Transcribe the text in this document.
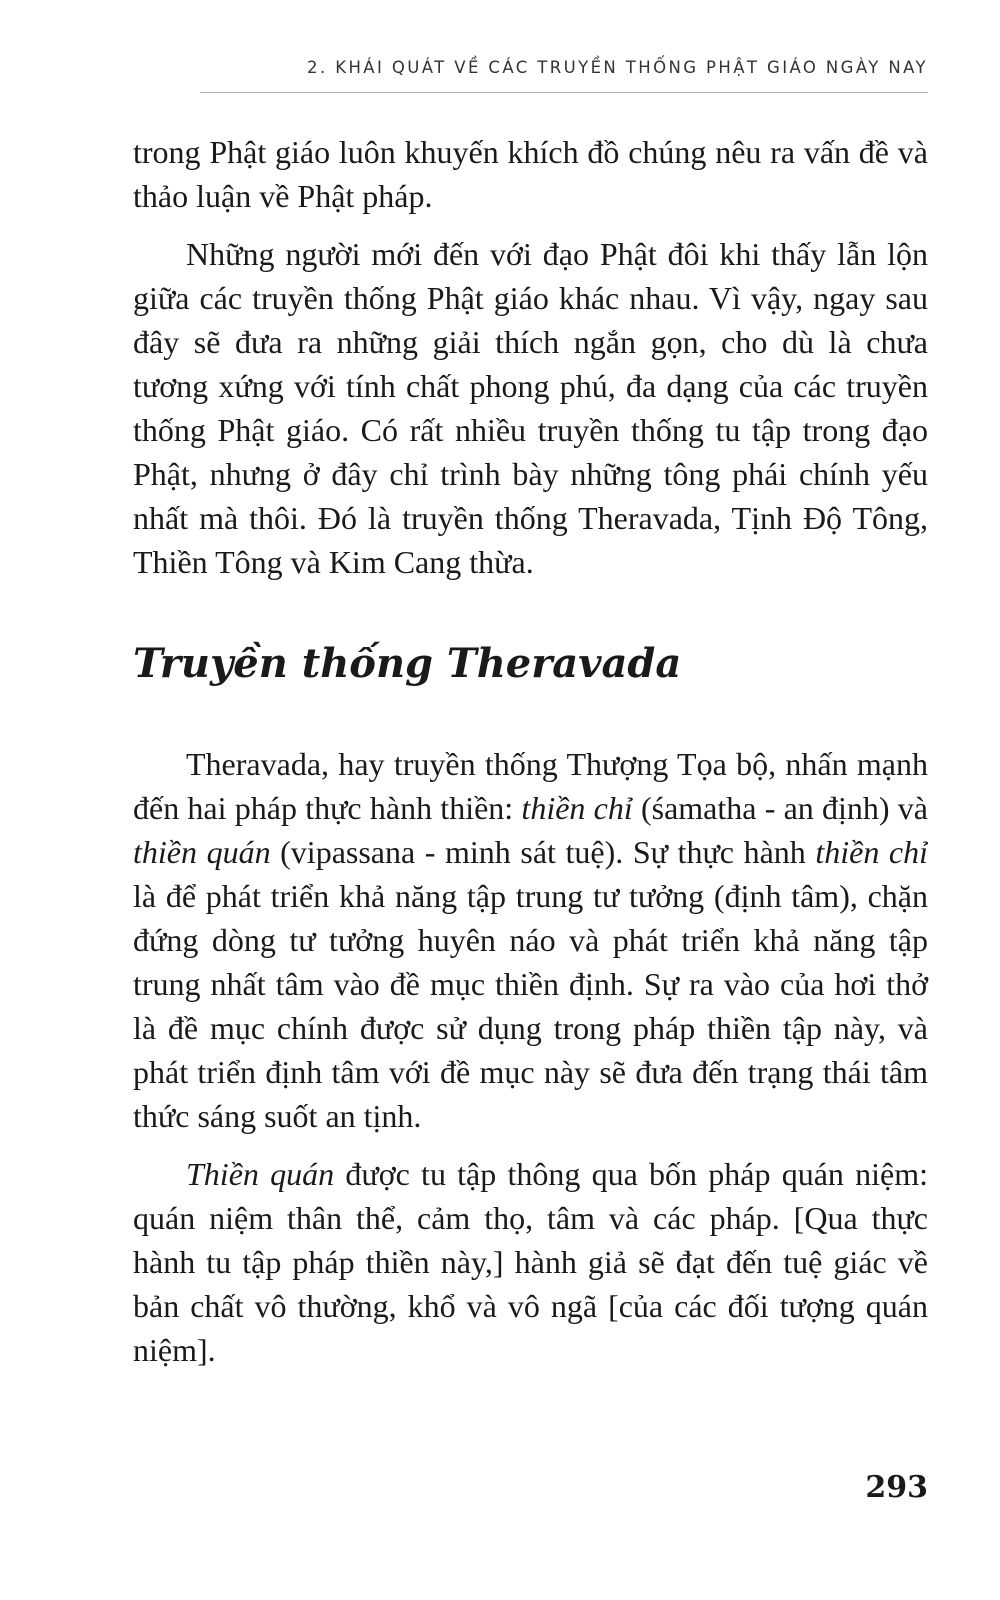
2. KHÁI QUÁT VỀ CÁC TRUYỀN THỐNG PHẬT GIÁO NGÀY NAY

trong Phật giáo luôn khuyến khích đồ chúng nêu ra vấn đề và thảo luận về Phật pháp.

Những người mới đến với đạo Phật đôi khi thấy lẫn lộn giữa các truyền thống Phật giáo khác nhau. Vì vậy, ngay sau đây sẽ đưa ra những giải thích ngắn gọn, cho dù là chưa tương xứng với tính chất phong phú, đa dạng của các truyền thống Phật giáo. Có rất nhiều truyền thống tu tập trong đạo Phật, nhưng ở đây chỉ trình bày những tông phái chính yếu nhất mà thôi. Đó là truyền thống Theravada, Tịnh Độ Tông, Thiền Tông và Kim Cang thừa.

Truyền thống Theravada

Theravada, hay truyền thống Thượng Tọa bộ, nhấn mạnh đến hai pháp thực hành thiền: thiền chỉ (śamatha - an định) và thiền quán (vipassana - minh sát tuệ). Sự thực hành thiền chỉ là để phát triển khả năng tập trung tư tưởng (định tâm), chặn đứng dòng tư tưởng huyên náo và phát triển khả năng tập trung nhất tâm vào đề mục thiền định. Sự ra vào của hơi thở là đề mục chính được sử dụng trong pháp thiền tập này, và phát triển định tâm với đề mục này sẽ đưa đến trạng thái tâm thức sáng suốt an tịnh.

Thiền quán được tu tập thông qua bốn pháp quán niệm: quán niệm thân thể, cảm thọ, tâm và các pháp. [Qua thực hành tu tập pháp thiền này,] hành giả sẽ đạt đến tuệ giác về bản chất vô thường, khổ và vô ngã [của các đối tượng quán niệm].

293
